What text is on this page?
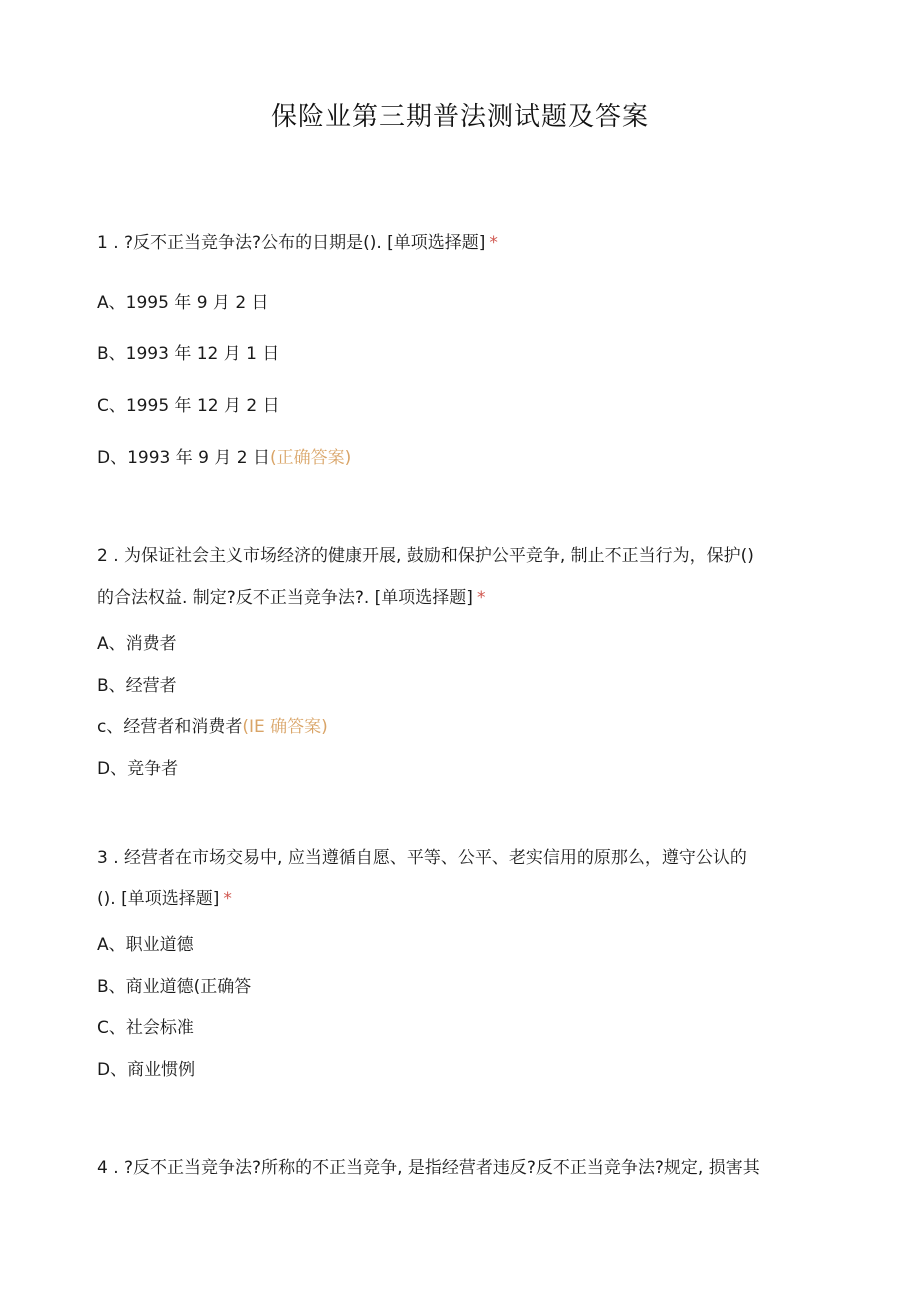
保险业第三期普法测试题及答案
1 . ?反不正当竞争法?公布的日期是(). [单项选择题] *
A、1995 年 9 月 2 日
B、1993 年 12 月 1 日
C、1995 年 12 月 2 日
D、1993 年 9 月 2 日(正确答案)
2 . 为保证社会主义市场经济的健康开展, 鼓励和保护公平竞争, 制止不正当行为，保护()
的合法权益. 制定?反不正当竞争法?. [单项选择题] *
A、消费者
B、经营者
c、经营者和消费者(IE 确答案)
D、竞争者
3 . 经营者在市场交易中, 应当遵循自愿、平等、公平、老实信用的原那么，遵守公认的
(). [单项选择题] *
A、职业道德
B、商业道德(正确答
C、社会标准
D、商业惯例
4 . ?反不正当竞争法?所称的不正当竞争, 是指经营者违反?反不正当竞争法?规定, 损害其
